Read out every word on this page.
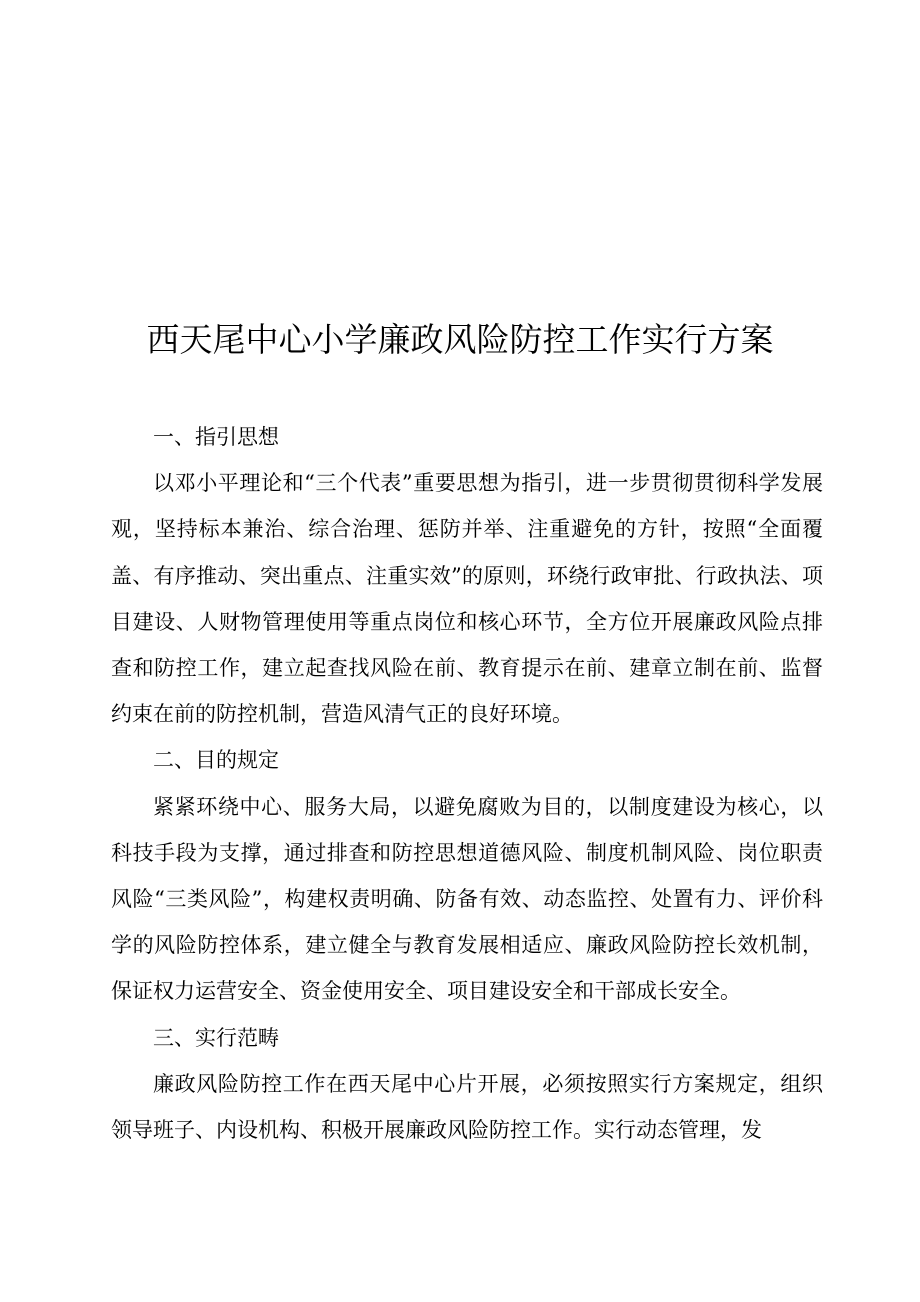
西天尾中心小学廉政风险防控工作实行方案

一、指引思想

以邓小平理论和“三个代表”重要思想为指引，进一步贯彻贯彻科学发展观，坚持标本兼治、综合治理、惩防并举、注重避免的方针，按照“全面覆盖、有序推动、突出重点、注重实效”的原则，环绕行政审批、行政执法、项目建设、人财物管理使用等重点岗位和核心环节，全方位开展廉政风险点排查和防控工作，建立起查找风险在前、教育提示在前、建章立制在前、监督约束在前的防控机制，营造风清气正的良好环境。

二、目的规定

紧紧环绕中心、服务大局，以避免腐败为目的，以制度建设为核心，以科技手段为支撑，通过排查和防控思想道德风险、制度机制风险、岗位职责风险“三类风险”，构建权责明确、防备有效、动态监控、处置有力、评价科学的风险防控体系，建立健全与教育发展相适应、廉政风险防控长效机制，保证权力运营安全、资金使用安全、项目建设安全和干部成长安全。

三、实行范畴

廉政风险防控工作在西天尾中心片开展，必须按照实行方案规定，组织领导班子、内设机构、积极开展廉政风险防控工作。实行动态管理，发
